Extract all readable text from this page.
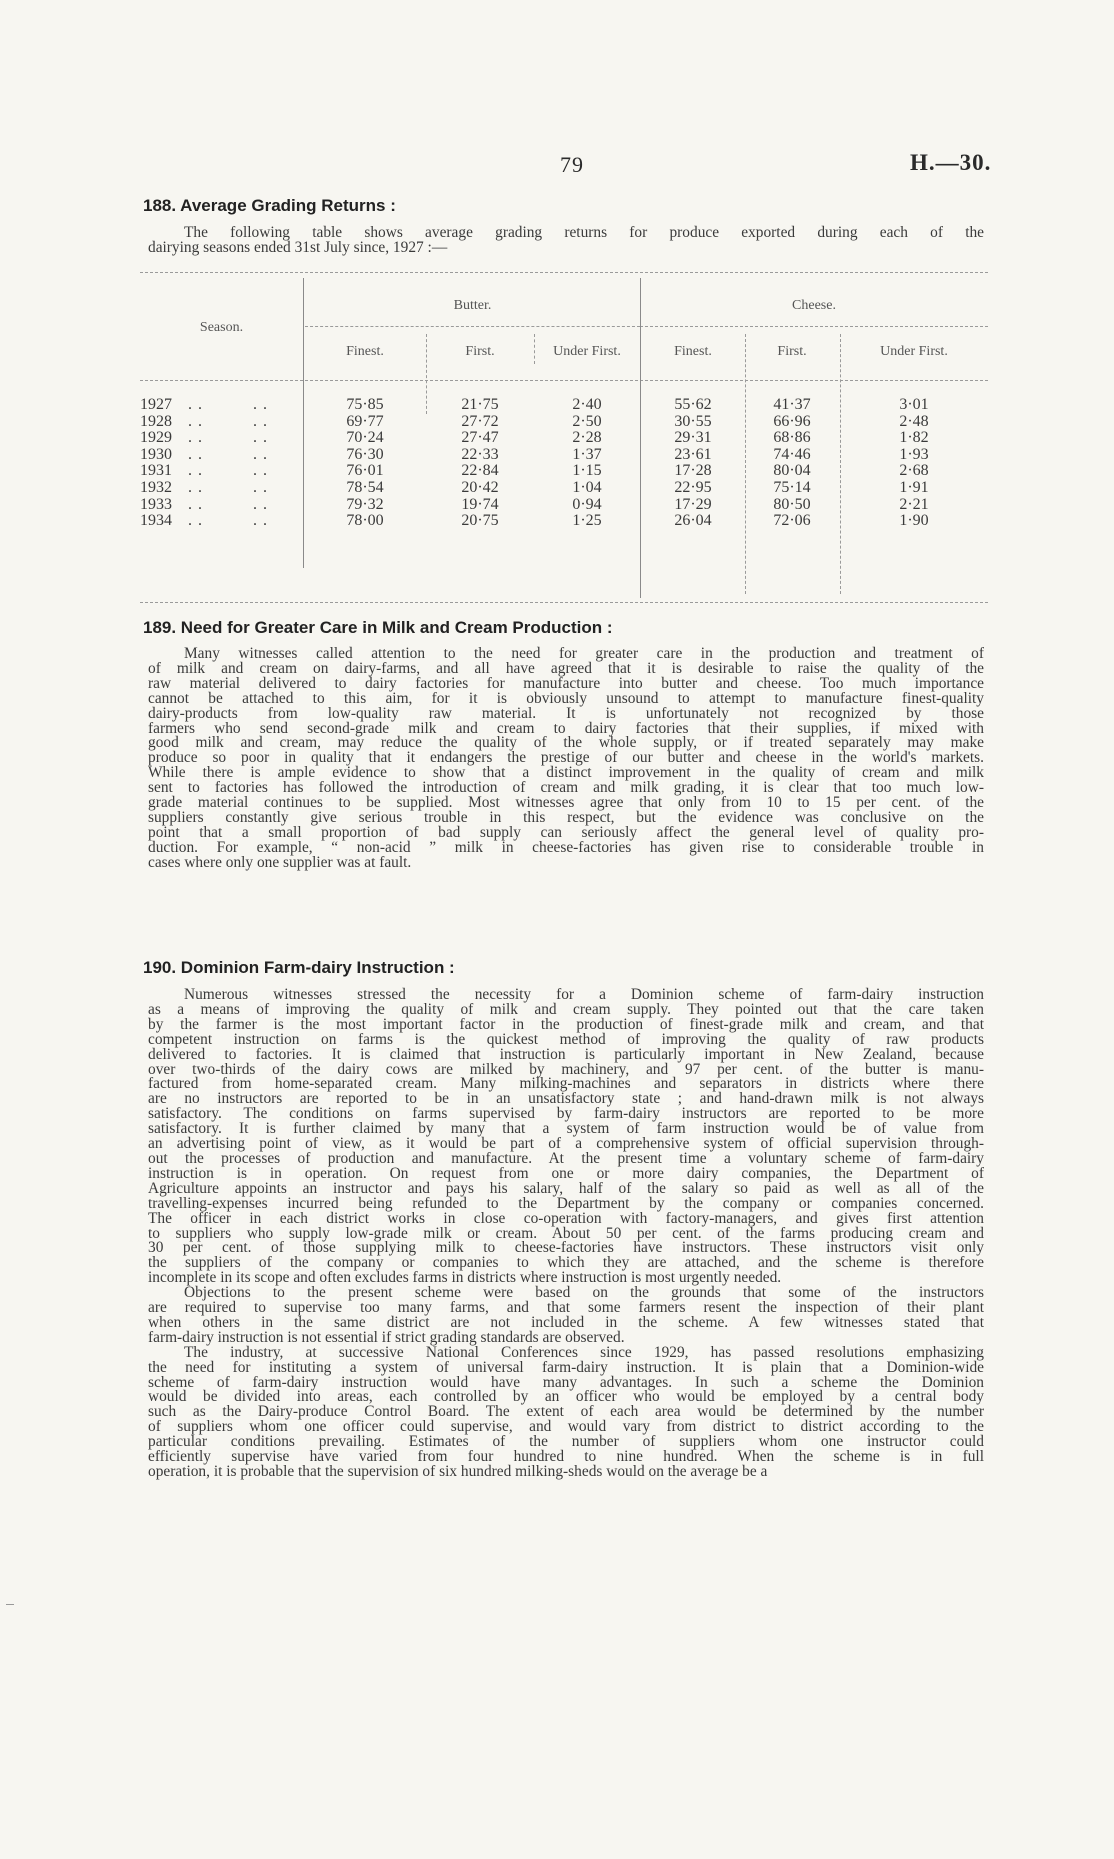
79	H.—30.
188. Average Grading Returns :
The following table shows average grading returns for produce exported during each of the
dairying seasons ended 31st July since, 1927 :—
Season.
Butter.	Cheese.
Finest.	First.	Under First.	Finest.	First.	Under First.
1927 . .          . .	75·85	21·75	2·40	55·62	41·37	3·01
1928 . .          . .	69·77	27·72	2·50	30·55	66·96	2·48
1929 . .          . .	70·24	27·47	2·28	29·31	68·86	1·82
1930 . .          . .	76·30	22·33	1·37	23·61	74·46	1·93
1931 . .          . .	76·01	22·84	1·15	17·28	80·04	2·68
1932 . .          . .	78·54	20·42	1·04	22·95	75·14	1·91
1933 . .          . .	79·32	19·74	0·94	17·29	80·50	2·21
1934 . .          . .	78·00	20·75	1·25	26·04	72·06	1·90
189. Need for Greater Care in Milk and Cream Production :
Many witnesses called attention to the need for greater care in the production and treatment of
of milk and cream on dairy-farms, and all have agreed that it is desirable to raise the quality of the
raw material delivered to dairy factories for manufacture into butter and cheese. Too much importance
cannot be attached to this aim, for it is obviously unsound to attempt to manufacture finest-quality
dairy-products from low-quality raw material. It is unfortunately not recognized by those
farmers who send second-grade milk and cream to dairy factories that their supplies, if mixed with
good milk and cream, may reduce the quality of the whole supply, or if treated separately may make
produce so poor in quality that it endangers the prestige of our butter and cheese in the world's markets.
While there is ample evidence to show that a distinct improvement in the quality of cream and milk
sent to factories has followed the introduction of cream and milk grading, it is clear that too much low-
grade material continues to be supplied. Most witnesses agree that only from 10 to 15 per cent. of the
suppliers constantly give serious trouble in this respect, but the evidence was conclusive on the
point that a small proportion of bad supply can seriously affect the general level of quality pro-
duction. For example, “ non-acid ” milk in cheese-factories has given rise to considerable trouble in
cases where only one supplier was at fault.
190. Dominion Farm-dairy Instruction :
Numerous witnesses stressed the necessity for a Dominion scheme of farm-dairy instruction
as a means of improving the quality of milk and cream supply. They pointed out that the care taken
by the farmer is the most important factor in the production of finest-grade milk and cream, and that
competent instruction on farms is the quickest method of improving the quality of raw products
delivered to factories. It is claimed that instruction is particularly important in New Zealand, because
over two-thirds of the dairy cows are milked by machinery, and 97 per cent. of the butter is manu-
factured from home-separated cream. Many milking-machines and separators in districts where there
are no instructors are reported to be in an unsatisfactory state ; and hand-drawn milk is not always
satisfactory. The conditions on farms supervised by farm-dairy instructors are reported to be more
satisfactory. It is further claimed by many that a system of farm instruction would be of value from
an advertising point of view, as it would be part of a comprehensive system of official supervision through-
out the processes of production and manufacture. At the present time a voluntary scheme of farm-dairy
instruction is in operation. On request from one or more dairy companies, the Department of
Agriculture appoints an instructor and pays his salary, half of the salary so paid as well as all of the
travelling-expenses incurred being refunded to the Department by the company or companies concerned.
The officer in each district works in close co-operation with factory-managers, and gives first attention
to suppliers who supply low-grade milk or cream. About 50 per cent. of the farms producing cream and
30 per cent. of those supplying milk to cheese-factories have instructors. These instructors visit only
the suppliers of the company or companies to which they are attached, and the scheme is therefore
incomplete in its scope and often excludes farms in districts where instruction is most urgently needed.
Objections to the present scheme were based on the grounds that some of the instructors
are required to supervise too many farms, and that some farmers resent the inspection of their plant
when others in the same district are not included in the scheme. A few witnesses stated that
farm-dairy instruction is not essential if strict grading standards are observed.
The industry, at successive National Conferences since 1929, has passed resolutions emphasizing
the need for instituting a system of universal farm-dairy instruction. It is plain that a Dominion-wide
scheme of farm-dairy instruction would have many advantages. In such a scheme the Dominion
would be divided into areas, each controlled by an officer who would be employed by a central body
such as the Dairy-produce Control Board. The extent of each area would be determined by the number
of suppliers whom one officer could supervise, and would vary from district to district according to the
particular conditions prevailing. Estimates of the number of suppliers whom one instructor could
efficiently supervise have varied from four hundred to nine hundred. When the scheme is in full
operation, it is probable that the supervision of six hundred milking-sheds would on the average be a
